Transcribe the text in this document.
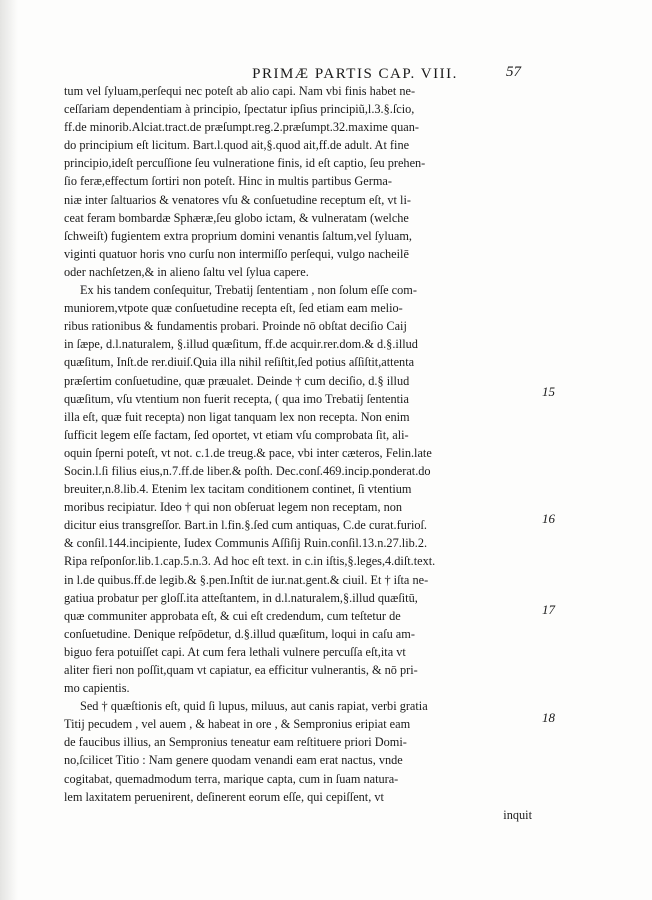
PRIMÆ PARTIS CAP. VIII.	57
tum vel ſyluam,perſequi nec poteſt ab alio capi. Nam vbi finis habet ne-
ceſſariam dependentiam à principio, ſpectatur ipſius principiũ,l.3.§.ſcio,
ff.de minorib.Alciat.tract.de præſumpt.reg.2.præſumpt.32.maxime quan-
do principium eſt licitum. Bart.l.quod ait,§.quod ait,ff.de adult. At fine
principio,ideſt percuſſione ſeu vulneratione finis, id eſt captio, ſeu prehen-
ſio feræ,effectum ſortiri non poteſt. Hinc in multis partibus Germa-
niæ inter ſaltuarios & venatores vſu & conſuetudine receptum eſt, vt li-
ceat feram bombardæ Sphæræ,ſeu globo ictam, & vulneratam (welche
ſchweiſt) fugientem extra proprium domini venantis ſaltum,vel ſyluam,
viginti quatuor horis vno curſu non intermiſſo perſequi, vulgo nacheilē
oder nachſetzen,& in alieno ſaltu vel ſylua capere.
Ex his tandem conſequitur, Trebatij ſententiam , non ſolum eſſe com-
muniorem,vtpote quæ conſuetudine recepta eſt, ſed etiam eam melio-
ribus rationibus & fundamentis probari. Proinde nō obſtat deciſio Caij
in ſæpe, d.l.naturalem, §.illud quæſitum, ff.de acquir.rer.dom.& d.§.illud
quæſitum, Inſt.de rer.diuiſ.Quia illa nihil reſiſtit,ſed potius aſſiſtit,attenta
præſertim conſuetudine, quæ præualet. Deinde † cum deciſio, d.§ illud
quæſitum, vſu vtentium non fuerit recepta, ( qua imo Trebatij ſententia
illa eſt, quæ fuit recepta) non ligat tanquam lex non recepta. Non enim
ſufficit legem eſſe factam, ſed oportet, vt etiam vſu comprobata ſit, ali-
oquin ſperni poteſt, vt not. c.1.de treug.& pace, vbi inter cæteros, Felin.late
Socin.l.ſi filius eius,n.7.ff.de liber.& poſth. Dec.conſ.469.incip.ponderat.do
breuiter,n.8.lib.4. Etenim lex tacitam conditionem continet, ſi vtentium
moribus recipiatur. Ideo † qui non obſeruat legem non receptam, non
dicitur eius transgreſſor. Bart.in l.fin.§.ſed cum antiquas, C.de curat.furioſ.
& conſil.144.incipiente, Iudex Communis Aſſiſij Ruin.conſil.13.n.27.lib.2.
Ripa reſponſor.lib.1.cap.5.n.3. Ad hoc eſt text. in c.in iſtis,§.leges,4.diſt.text.
in l.de quibus.ff.de legib.& §.pen.Inſtit de iur.nat.gent.& ciuil. Et † iſta ne-
gatiua probatur per gloſſ.ita atteſtantem, in d.l.naturalem,§.illud quæſitū,
quæ communiter approbata eſt, & cui eſt credendum, cum teſtetur de
conſuetudine. Denique reſpōdetur, d.§.illud quæſitum, loqui in caſu am-
biguo fera potuiſſet capi. At cum fera lethali vulnere percuſſa eſt,ita vt
aliter fieri non poſſit,quam vt capiatur, ea efficitur vulnerantis, & nō pri-
mo capientis.
Sed † quæſtionis eſt, quid ſi lupus, miluus, aut canis rapiat, verbi gratia
Titij pecudem , vel auem , & habeat in ore , & Sempronius eripiat eam
de faucibus illius, an Sempronius teneatur eam reſtituere priori Domi-
no,ſcilicet Titio : Nam genere quodam venandi eam erat nactus, vnde
cogitabat, quemadmodum terra, marique capta, cum in ſuam natura-
lem laxitatem peruenirent, deſinerent eorum eſſe, qui cepiſſent, vt
inquit
15
16
17
18
